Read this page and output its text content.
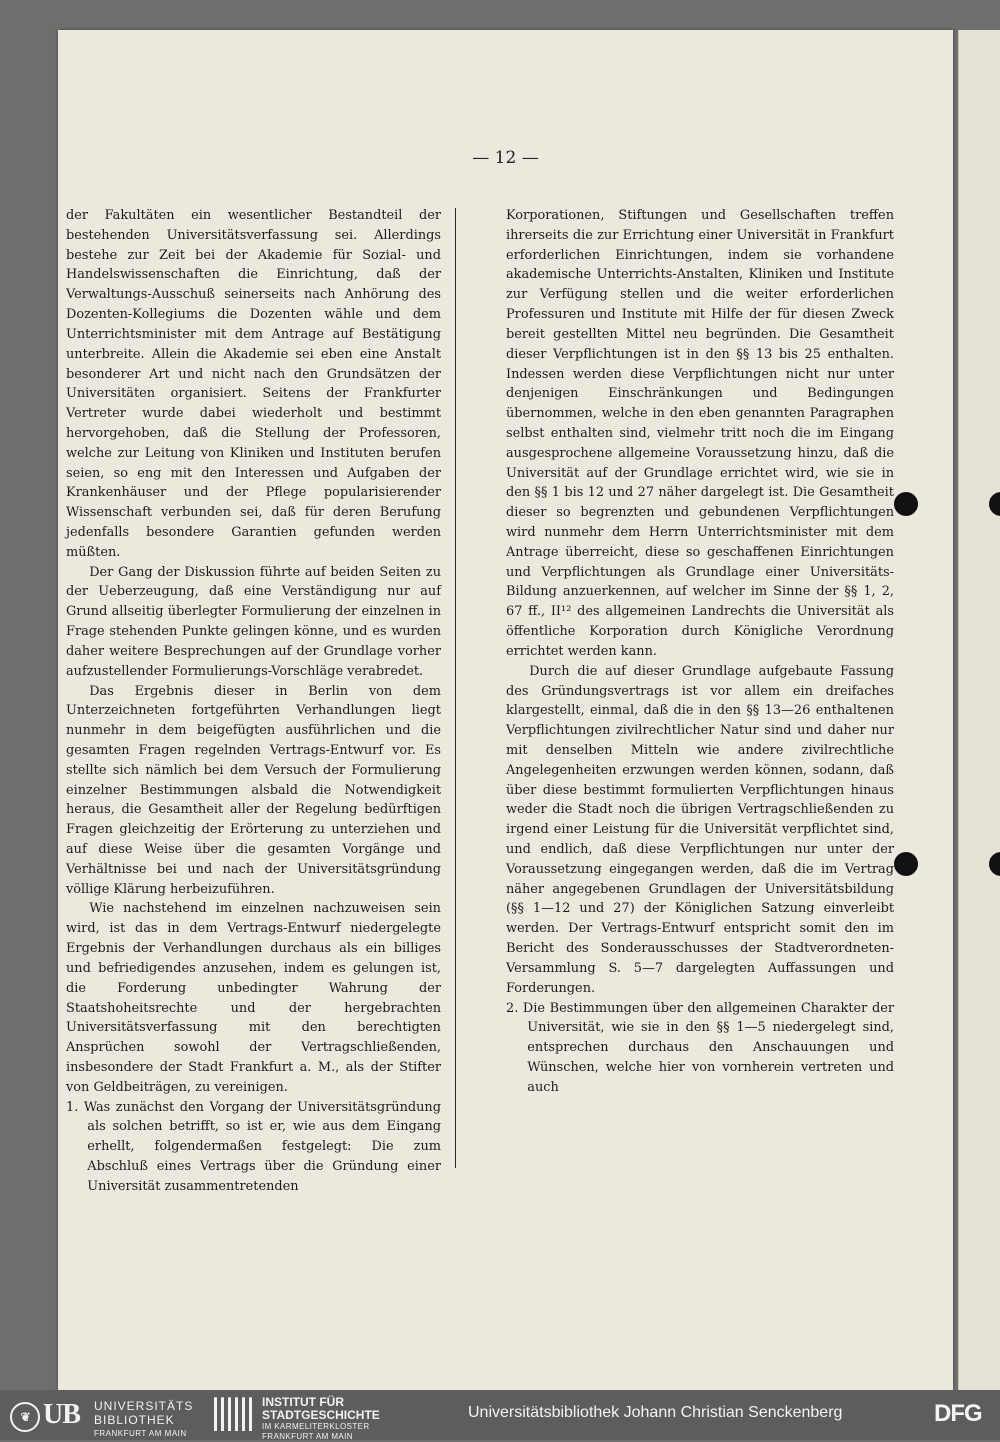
— 12 —

der Fakultäten ein wesentlicher Bestandteil der bestehenden Universitätsverfassung sei. Allerdings bestehe zur Zeit bei der Akademie für Sozial- und Handelswissenschaften die Einrichtung, daß der Verwaltungs-Ausschuß seinerseits nach Anhörung des Dozenten-Kollegiums die Dozenten wähle und dem Unterrichtsminister mit dem Antrage auf Bestätigung unterbreite. Allein die Akademie sei eben eine Anstalt besonderer Art und nicht nach den Grundsätzen der Universitäten organisiert. Seitens der Frankfurter Vertreter wurde dabei wiederholt und bestimmt hervorgehoben, daß die Stellung der Professoren, welche zur Leitung von Kliniken und Instituten berufen seien, so eng mit den Interessen und Aufgaben der Krankenhäuser und der Pflege popularisierender Wissenschaft verbunden sei, daß für deren Berufung jedenfalls besondere Garantien gefunden werden müßten.

Der Gang der Diskussion führte auf beiden Seiten zu der Ueberzeugung, daß eine Verständigung nur auf Grund allseitig überlegter Formulierung der einzelnen in Frage stehenden Punkte gelingen könne, und es wurden daher weitere Besprechungen auf der Grundlage vorher aufzustellender Formulierungs-Vorschläge verabredet.

Das Ergebnis dieser in Berlin von dem Unterzeichneten fortgeführten Verhandlungen liegt nunmehr in dem beigefügten ausführlichen und die gesamten Fragen regelnden Vertrags-Entwurf vor. Es stellte sich nämlich bei dem Versuch der Formulierung einzelner Bestimmungen alsbald die Notwendigkeit heraus, die Gesamtheit aller der Regelung bedürftigen Fragen gleichzeitig der Erörterung zu unterziehen und auf diese Weise über die gesamten Vorgänge und Verhältnisse bei und nach der Universitätsgründung völlige Klärung herbeizuführen.

Wie nachstehend im einzelnen nachzuweisen sein wird, ist das in dem Vertrags-Entwurf niedergelegte Ergebnis der Verhandlungen durchaus als ein billiges und befriedigendes anzusehen, indem es gelungen ist, die Forderung unbedingter Wahrung der Staatshoheitsrechte und der hergebrachten Universitätsverfassung mit den berechtigten Ansprüchen sowohl der Vertragschließenden, insbesondere der Stadt Frankfurt a. M., als der Stifter von Geldbeiträgen, zu vereinigen.

1. Was zunächst den Vorgang der Universitätsgründung als solchen betrifft, so ist er, wie aus dem Eingang erhellt, folgendermaßen festgelegt: Die zum Abschluß eines Vertrags über die Gründung einer Universität zusammentretenden

Korporationen, Stiftungen und Gesellschaften treffen ihrerseits die zur Errichtung einer Universität in Frankfurt erforderlichen Einrichtungen, indem sie vorhandene akademische Unterrichts-Anstalten, Kliniken und Institute zur Verfügung stellen und die weiter erforderlichen Professuren und Institute mit Hilfe der für diesen Zweck bereit gestellten Mittel neu begründen. Die Gesamtheit dieser Verpflichtungen ist in den §§ 13 bis 25 enthalten. Indessen werden diese Verpflichtungen nicht nur unter denjenigen Einschränkungen und Bedingungen übernommen, welche in den eben genannten Paragraphen selbst enthalten sind, vielmehr tritt noch die im Eingang ausgesprochene allgemeine Voraussetzung hinzu, daß die Universität auf der Grundlage errichtet wird, wie sie in den §§ 1 bis 12 und 27 näher dargelegt ist. Die Gesamtheit dieser so begrenzten und gebundenen Verpflichtungen wird nunmehr dem Herrn Unterrichtsminister mit dem Antrage überreicht, diese so geschaffenen Einrichtungen und Verpflichtungen als Grundlage einer Universitäts-Bildung anzuerkennen, auf welcher im Sinne der §§ 1, 2, 67 ff., II¹² des allgemeinen Landrechts die Universität als öffentliche Korporation durch Königliche Verordnung errichtet werden kann.

Durch die auf dieser Grundlage aufgebaute Fassung des Gründungsvertrags ist vor allem ein dreifaches klargestellt, einmal, daß die in den §§ 13—26 enthaltenen Verpflichtungen zivilrechtlicher Natur sind und daher nur mit denselben Mitteln wie andere zivilrechtliche Angelegenheiten erzwungen werden können, sodann, daß über diese bestimmt formulierten Verpflichtungen hinaus weder die Stadt noch die übrigen Vertragschließenden zu irgend einer Leistung für die Universität verpflichtet sind, und endlich, daß diese Verpflichtungen nur unter der Voraussetzung eingegangen werden, daß die im Vertrag näher angegebenen Grundlagen der Universitätsbildung (§§ 1—12 und 27) der Königlichen Satzung einverleibt werden. Der Vertrags-Entwurf entspricht somit den im Bericht des Sonderausschusses der Stadtverordneten-Versammlung S. 5—7 dargelegten Auffassungen und Forderungen.

2. Die Bestimmungen über den allgemeinen Charakter der Universität, wie sie in den §§ 1—5 niedergelegt sind, entsprechen durchaus den Anschauungen und Wünschen, welche hier von vornherein vertreten und auch

❦ UB	UNIVERSITÄTS
BIBLIOTHEK
FRANKFURT AM MAIN
INSTITUT FÜR
STADTGESCHICHTE
IM KARMELITERKLOSTER
FRANKFURT AM MAIN
Universitätsbibliothek Johann Christian Senckenberg	DFG
